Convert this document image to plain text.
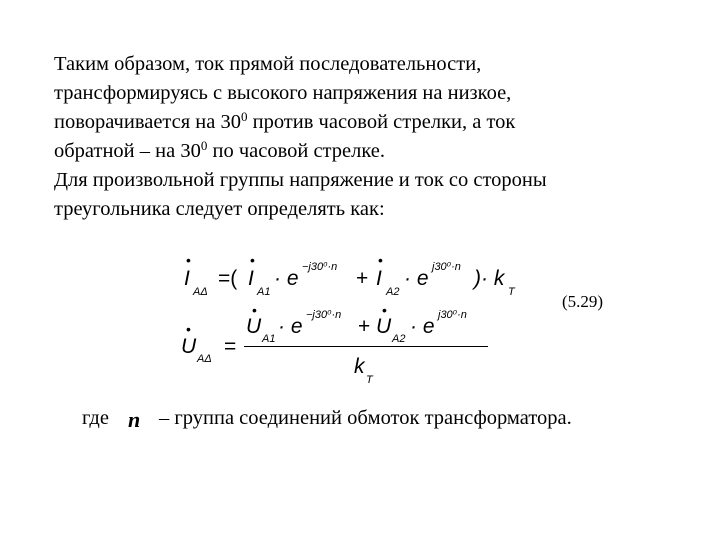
Таким образом, ток прямой последовательности,

трансформируясь с высокого напряжения на низкое,

поворачивается на $30^0$ против часовой стрелки, а ток

обратной – на $30^0$ по часовой стрелке.

Для произвольной группы напряжение и ток со стороны

треугольника следует определять как:

•
I
AΔ
=(
•
I
A1
· e −j30⁰·n +
•
I
A2
· e j30⁰·n )· k
T
•
U
AΔ
=
•
U
A1
· e −j30⁰·n +
•
U
A2
· e j30⁰·n
k
T
(5.29)
где n – группа соединений обмоток трансформатора.
